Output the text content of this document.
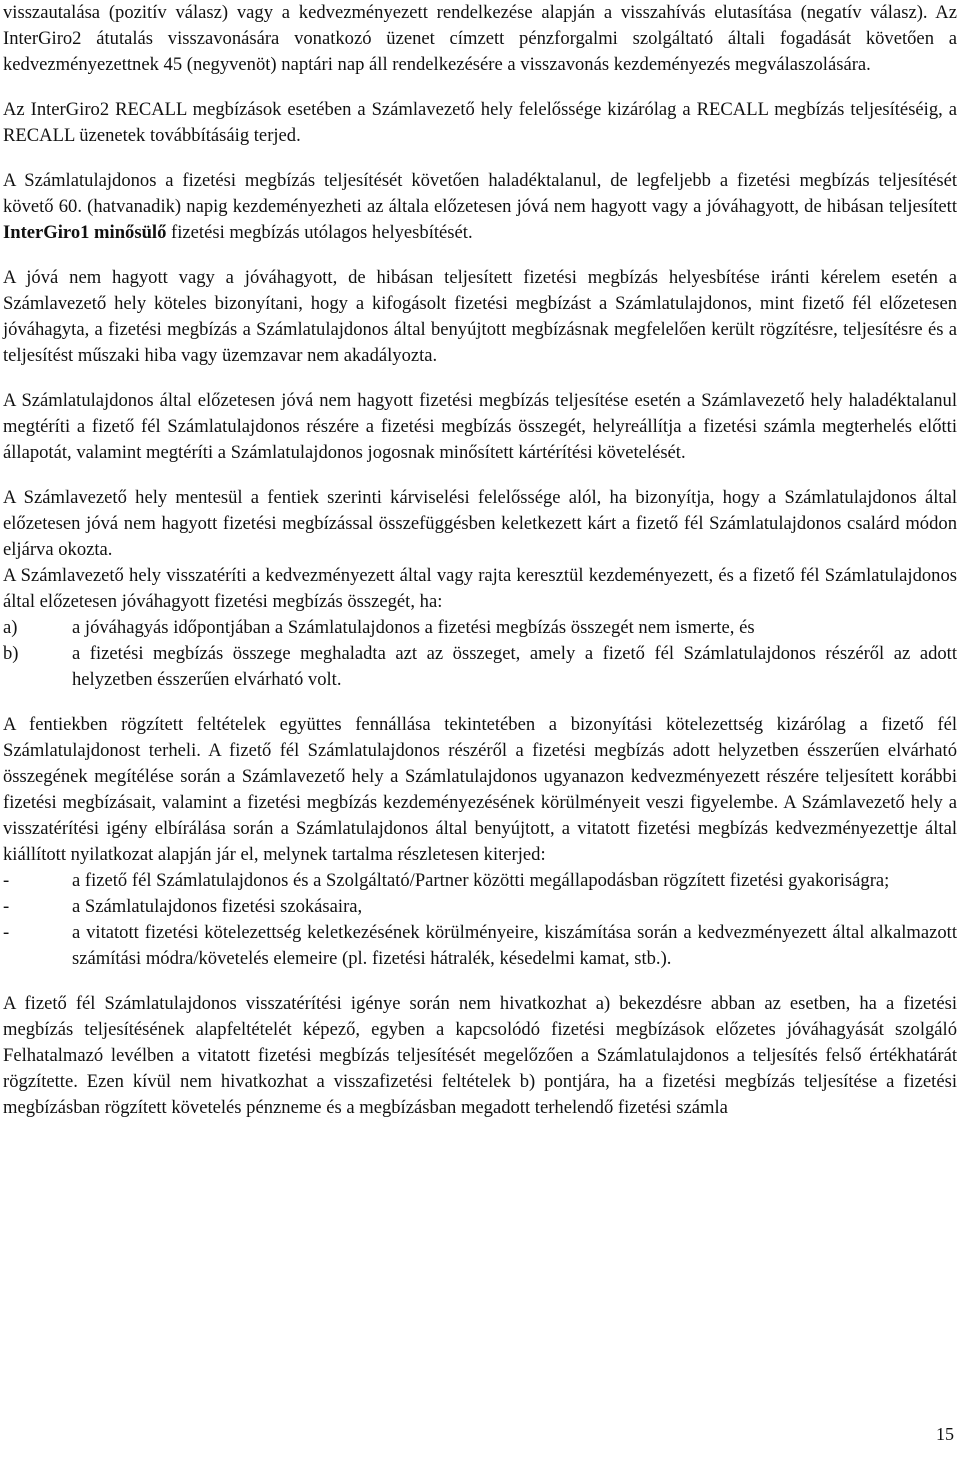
visszautalása (pozitív válasz) vagy a kedvezményezett rendelkezése alapján a visszahívás elutasítása (negatív válasz). Az InterGiro2 átutalás visszavonására vonatkozó üzenet címzett pénzforgalmi szolgáltató általi fogadását követően a kedvezményezettnek 45 (negyvenöt) naptári nap áll rendelkezésére a visszavonás kezdeményezés megválaszolására.

Az InterGiro2 RECALL megbízások esetében a Számlavezető hely felelőssége kizárólag a RECALL megbízás teljesítéséig, a RECALL üzenetek továbbításáig terjed.

A Számlatulajdonos a fizetési megbízás teljesítését követően haladéktalanul, de legfeljebb a fizetési megbízás teljesítését követő 60. (hatvanadik) napig kezdeményezheti az általa előzetesen jóvá nem hagyott vagy a jóváhagyott, de hibásan teljesített InterGiro1 minősülő fizetési megbízás utólagos helyesbítését.

A jóvá nem hagyott vagy a jóváhagyott, de hibásan teljesített fizetési megbízás helyesbítése iránti kérelem esetén a Számlavezető hely köteles bizonyítani, hogy a kifogásolt fizetési megbízást a Számlatulajdonos, mint fizető fél előzetesen jóváhagyta, a fizetési megbízás a Számlatulajdonos által benyújtott megbízásnak megfelelően került rögzítésre, teljesítésre és a teljesítést műszaki hiba vagy üzemzavar nem akadályozta.

A Számlatulajdonos által előzetesen jóvá nem hagyott fizetési megbízás teljesítése esetén a Számlavezető hely haladéktalanul megtéríti a fizető fél Számlatulajdonos részére a fizetési megbízás összegét, helyreállítja a fizetési számla megterhelés előtti állapotát, valamint megtéríti a Számlatulajdonos jogosnak minősített kártérítési követelését.

A Számlavezető hely mentesül a fentiek szerinti kárviselési felelőssége alól, ha bizonyítja, hogy a Számlatulajdonos által előzetesen jóvá nem hagyott fizetési megbízással összefüggésben keletkezett kárt a fizető fél Számlatulajdonos csalárd módon eljárva okozta.

A Számlavezető hely visszatéríti a kedvezményezett által vagy rajta keresztül kezdeményezett, és a fizető fél Számlatulajdonos által előzetesen jóváhagyott fizetési megbízás összegét, ha:

a)	a jóváhagyás időpontjában a Számlatulajdonos a fizetési megbízás összegét nem ismerte, és
b)	a fizetési megbízás összege meghaladta azt az összeget, amely a fizető fél Számlatulajdonos részéről az adott helyzetben ésszerűen elvárható volt.

A fentiekben rögzített feltételek együttes fennállása tekintetében a bizonyítási kötelezettség kizárólag a fizető fél Számlatulajdonost terheli. A fizető fél Számlatulajdonos részéről a fizetési megbízás adott helyzetben ésszerűen elvárható összegének megítélése során a Számlavezető hely a Számlatulajdonos ugyanazon kedvezményezett részére teljesített korábbi fizetési megbízásait, valamint a fizetési megbízás kezdeményezésének körülményeit veszi figyelembe. A Számlavezető hely a visszatérítési igény elbírálása során a Számlatulajdonos által benyújtott, a vitatott fizetési megbízás kedvezményezettje által kiállított nyilatkozat alapján jár el, melynek tartalma részletesen kiterjed:

-	a fizető fél Számlatulajdonos és a Szolgáltató/Partner közötti megállapodásban rögzített fizetési gyakoriságra;
-	a Számlatulajdonos fizetési szokásaira,
-	a vitatott fizetési kötelezettség keletkezésének körülményeire, kiszámítása során a kedvezményezett által alkalmazott számítási módra/követelés elemeire (pl. fizetési hátralék, késedelmi kamat, stb.).

A fizető fél Számlatulajdonos visszatérítési igénye során nem hivatkozhat a) bekezdésre abban az esetben, ha a fizetési megbízás teljesítésének alapfeltételét képező, egyben a kapcsolódó fizetési megbízások előzetes jóváhagyását szolgáló Felhatalmazó levélben a vitatott fizetési megbízás teljesítését megelőzően a Számlatulajdonos a teljesítés felső értékhatárát rögzítette. Ezen kívül nem hivatkozhat a visszafizetési feltételek b) pontjára, ha a fizetési megbízás teljesítése a fizetési megbízásban rögzített követelés pénzneme és a megbízásban megadott terhelendő fizetési számla

15
